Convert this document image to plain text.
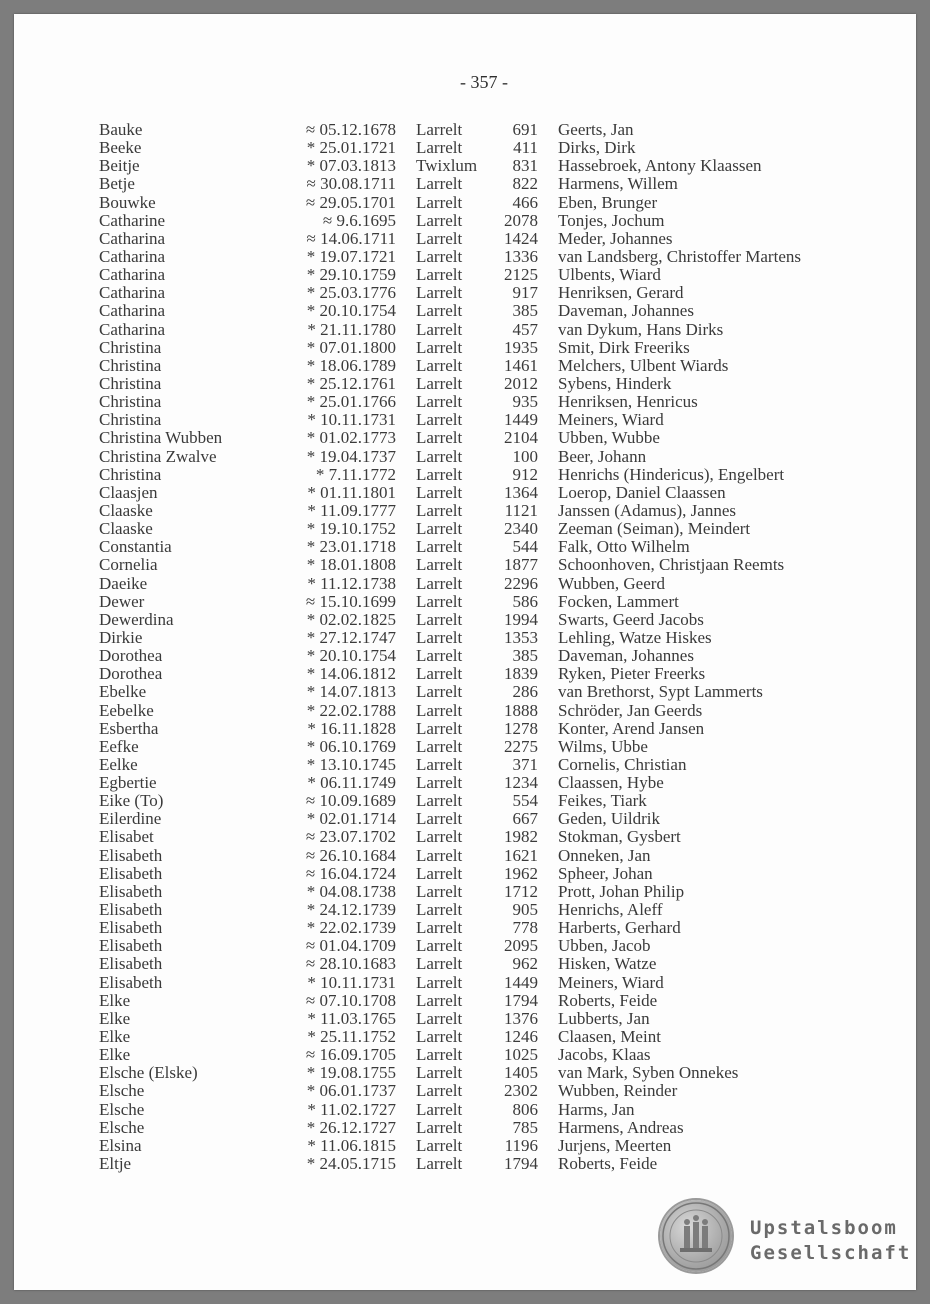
- 357 -
Bauke	≈ 05.12.1678 Larrelt	691 Geerts, Jan
Beeke	* 25.01.1721 Larrelt	411 Dirks, Dirk
Beitje	* 07.03.1813 Twixlum	831 Hassebroek, Antony Klaassen
Betje	≈ 30.08.1711 Larrelt	822 Harmens, Willem
Bouwke	≈ 29.05.1701 Larrelt	466 Eben, Brunger
Catharine	≈ 9.6.1695 Larrelt	2078 Tonjes, Jochum
Catharina	≈ 14.06.1711 Larrelt	1424 Meder, Johannes
Catharina	* 19.07.1721 Larrelt	1336 van Landsberg, Christoffer Martens
Catharina	* 29.10.1759 Larrelt	2125 Ulbents, Wiard
Catharina	* 25.03.1776 Larrelt	917 Henriksen, Gerard
Catharina	* 20.10.1754 Larrelt	385 Daveman, Johannes
Catharina	* 21.11.1780 Larrelt	457 van Dykum, Hans Dirks
Christina	* 07.01.1800 Larrelt	1935 Smit, Dirk Freeriks
Christina	* 18.06.1789 Larrelt	1461 Melchers, Ulbent Wiards
Christina	* 25.12.1761 Larrelt	2012 Sybens, Hinderk
Christina	* 25.01.1766 Larrelt	935 Henriksen, Henricus
Christina	* 10.11.1731 Larrelt	1449 Meiners, Wiard
Christina Wubben	* 01.02.1773 Larrelt	2104 Ubben, Wubbe
Christina Zwalve	* 19.04.1737 Larrelt	100 Beer, Johann
Christina	* 7.11.1772 Larrelt	912 Henrichs (Hindericus), Engelbert
Claasjen	* 01.11.1801 Larrelt	1364 Loerop, Daniel Claassen
Claaske	* 11.09.1777 Larrelt	1121 Janssen (Adamus), Jannes
Claaske	* 19.10.1752 Larrelt	2340 Zeeman (Seiman), Meindert
Constantia	* 23.01.1718 Larrelt	544 Falk, Otto Wilhelm
Cornelia	* 18.01.1808 Larrelt	1877 Schoonhoven, Christjaan Reemts
Daeike	* 11.12.1738 Larrelt	2296 Wubben, Geerd
Dewer	≈ 15.10.1699 Larrelt	586 Focken, Lammert
Dewerdina	* 02.02.1825 Larrelt	1994 Swarts, Geerd Jacobs
Dirkie	* 27.12.1747 Larrelt	1353 Lehling, Watze Hiskes
Dorothea	* 20.10.1754 Larrelt	385 Daveman, Johannes
Dorothea	* 14.06.1812 Larrelt	1839 Ryken, Pieter Freerks
Ebelke	* 14.07.1813 Larrelt	286 van Brethorst, Sypt Lammerts
Eebelke	* 22.02.1788 Larrelt	1888 Schröder, Jan Geerds
Esbertha	* 16.11.1828 Larrelt	1278 Konter, Arend Jansen
Eefke	* 06.10.1769 Larrelt	2275 Wilms, Ubbe
Eelke	* 13.10.1745 Larrelt	371 Cornelis, Christian
Egbertie	* 06.11.1749 Larrelt	1234 Claassen, Hybe
Eike (To)	≈ 10.09.1689 Larrelt	554 Feikes, Tiark
Eilerdine	* 02.01.1714 Larrelt	667 Geden, Uildrik
Elisabet	≈ 23.07.1702 Larrelt	1982 Stokman, Gysbert
Elisabeth	≈ 26.10.1684 Larrelt	1621 Onneken, Jan
Elisabeth	≈ 16.04.1724 Larrelt	1962 Spheer, Johan
Elisabeth	* 04.08.1738 Larrelt	1712 Prott, Johan Philip
Elisabeth	* 24.12.1739 Larrelt	905 Henrichs, Aleff
Elisabeth	* 22.02.1739 Larrelt	778 Harberts, Gerhard
Elisabeth	≈ 01.04.1709 Larrelt	2095 Ubben, Jacob
Elisabeth	≈ 28.10.1683 Larrelt	962 Hisken, Watze
Elisabeth	* 10.11.1731 Larrelt	1449 Meiners, Wiard
Elke	≈ 07.10.1708 Larrelt	1794 Roberts, Feide
Elke	* 11.03.1765 Larrelt	1376 Lubberts, Jan
Elke	* 25.11.1752 Larrelt	1246 Claasen, Meint
Elke	≈ 16.09.1705 Larrelt	1025 Jacobs, Klaas
Elsche (Elske)	* 19.08.1755 Larrelt	1405 van Mark, Syben Onnekes
Elsche	* 06.01.1737 Larrelt	2302 Wubben, Reinder
Elsche	* 11.02.1727 Larrelt	806 Harms, Jan
Elsche	* 26.12.1727 Larrelt	785 Harmens, Andreas
Elsina	* 11.06.1815 Larrelt	1196 Jurjens, Meerten
Eltje	* 24.05.1715 Larrelt	1794 Roberts, Feide
Upstalsboom
Gesellschaft
